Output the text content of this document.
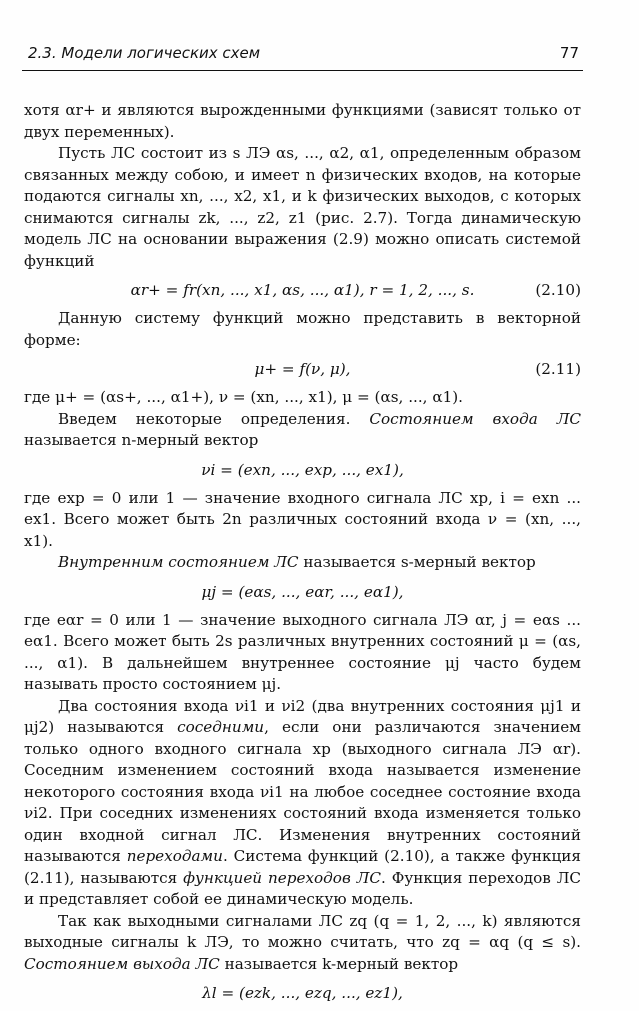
2.3. Модели логических схем	77

хотя αr+ и являются вырожденными функциями (зависят только от двух переменных).

Пусть ЛС состоит из s ЛЭ αs, ..., α2, α1, определенным образом связанных между собою, и имеет n физических входов, на которые подаются сигналы xn, ..., x2, x1, и k физических выходов, с которых снимаются сигналы zk, ..., z2, z1 (рис. 2.7). Тогда динамическую модель ЛС на основании выражения (2.9) можно описать системой функций

αr+ = fr(xn, ..., x1, αs, ..., α1), r = 1, 2, ..., s.	(2.10)

Данную систему функций можно представить в векторной форме:

μ+ = f(ν, μ),	(2.11)

где μ+ = (αs+, ..., α1+), ν = (xn, ..., x1), μ = (αs, ..., α1).

Введем некоторые определения. Состоянием входа ЛС называется n-мерный вектор

νi = (exn, ..., exp, ..., ex1),

где exp = 0 или 1 — значение входного сигнала ЛС xp, i = exn ... ex1. Всего может быть 2n различных состояний входа ν = (xn, ..., x1).

Внутренним состоянием ЛС называется s-мерный вектор

μj = (eαs, ..., eαr, ..., eα1),

где eαr = 0 или 1 — значение выходного сигнала ЛЭ αr, j = eαs ... eα1. Всего может быть 2s различных внутренних состояний μ = (αs, ..., α1). В дальнейшем внутреннее состояние μj часто будем называть просто состоянием μj.

Два состояния входа νi1 и νi2 (два внутренних состояния μj1 и μj2) называются соседними, если они различаются значением только одного входного сигнала xp (выходного сигнала ЛЭ αr). Соседним изменением состояний входа называется изменение некоторого состояния входа νi1 на любое соседнее состояние входа νi2. При соседних изменениях состояний входа изменяется только один входной сигнал ЛС. Изменения внутренних состояний называются переходами. Система функций (2.10), а также функция (2.11), называются функцией переходов ЛС. Функция переходов ЛС и представляет собой ее динамическую модель.

Так как выходными сигналами ЛС zq (q = 1, 2, ..., k) являются выходные сигналы k ЛЭ, то можно считать, что zq = αq (q ≤ s). Состоянием выхода ЛС называется k-мерный вектор

λl = (ezk, ..., ezq, ..., ez1),
